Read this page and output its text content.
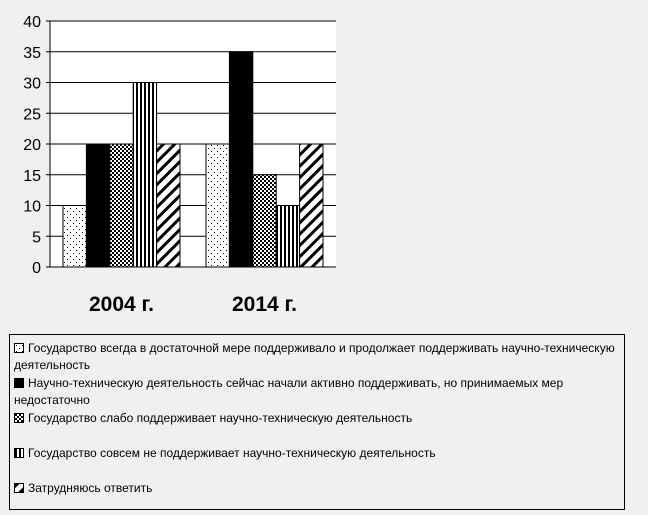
0
5
10
15
20
25
30
35
40
2004 г.	2014 г.
Государство всегда в достаточной мере поддерживало и продолжает поддерживать научно-техническую деятельность
Научно-техническую деятельность сейчас начали активно поддерживать, но принимаемых мер недостаточно
Государство слабо поддерживает научно-техническую деятельность
Государство совсем не поддерживает научно-техническую деятельность
Затрудняюсь ответить
